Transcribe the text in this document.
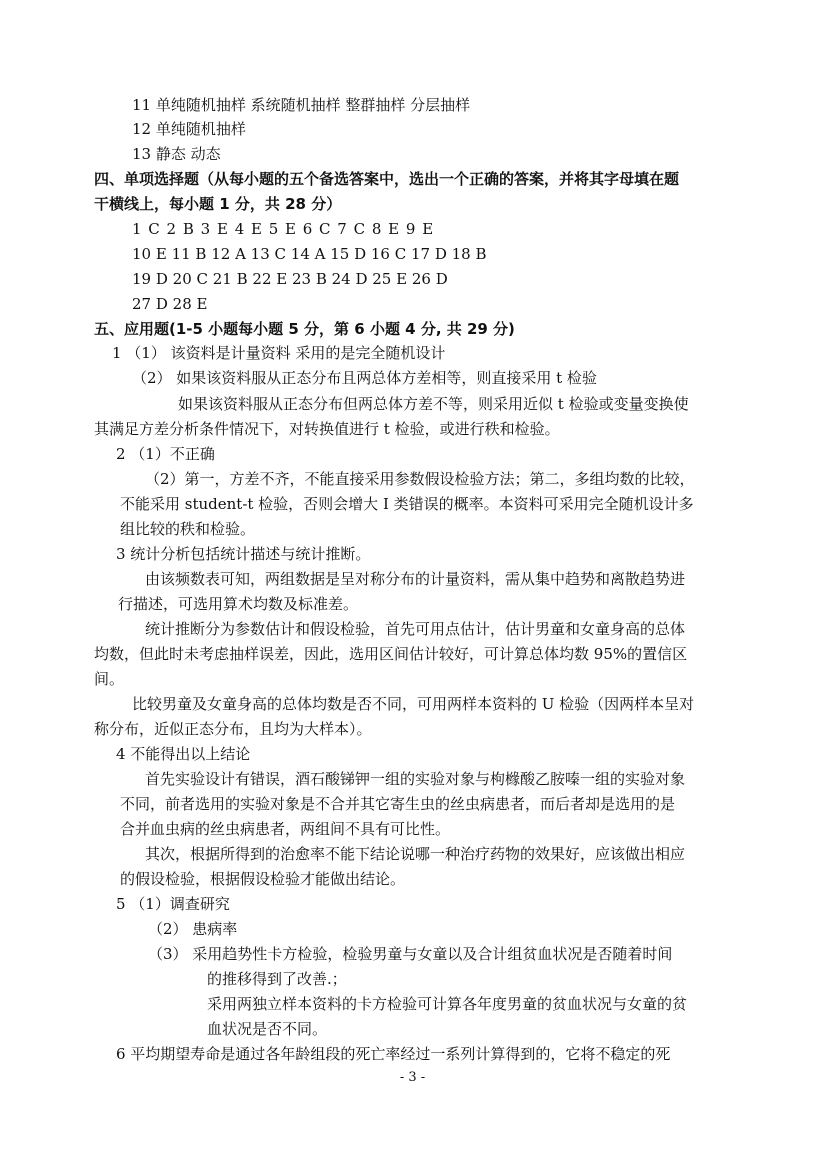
11 单纯随机抽样 系统随机抽样 整群抽样 分层抽样
12 单纯随机抽样
13 静态 动态
四、单项选择题（从每小题的五个备选答案中，选出一个正确的答案，并将其字母填在题
干横线上，每小题 1 分，共 28 分）
1 C 2 B 3 E 4 E 5 E 6 C 7 C 8 E 9 E
10 E 11 B 12 A 13 C 14 A 15 D 16 C 17 D 18 B
19 D 20 C 21 B 22 E 23 B 24 D 25 E 26 D
27 D 28 E
五、应用题(1-5 小题每小题 5 分，第 6 小题 4 分, 共 29 分)
1 （1） 该资料是计量资料 采用的是完全随机设计
（2） 如果该资料服从正态分布且两总体方差相等，则直接采用 t 检验
如果该资料服从正态分布但两总体方差不等，则采用近似 t 检验或变量变换使
其满足方差分析条件情况下，对转换值进行 t 检验，或进行秩和检验。
2 （1）不正确
（2）第一，方差不齐，不能直接采用参数假设检验方法；第二，多组均数的比较，
不能采用 student-t 检验，否则会增大 I 类错误的概率。本资料可采用完全随机设计多
组比较的秩和检验。
3 统计分析包括统计描述与统计推断。
由该频数表可知，两组数据是呈对称分布的计量资料，需从集中趋势和离散趋势进
行描述，可选用算术均数及标准差。
统计推断分为参数估计和假设检验，首先可用点估计，估计男童和女童身高的总体
均数，但此时未考虑抽样误差，因此，选用区间估计较好，可计算总体均数 95%的置信区
间。
比较男童及女童身高的总体均数是否不同，可用两样本资料的 U 检验（因两样本呈对
称分布，近似正态分布，且均为大样本）。
4 不能得出以上结论
首先实验设计有错误，酒石酸锑钾一组的实验对象与枸橼酸乙胺嗪一组的实验对象
不同，前者选用的实验对象是不合并其它寄生虫的丝虫病患者，而后者却是选用的是
合并血虫病的丝虫病患者，两组间不具有可比性。
其次，根据所得到的治愈率不能下结论说哪一种治疗药物的效果好，应该做出相应
的假设检验，根据假设检验才能做出结论。
5 （1）调查研究
（2） 患病率
（3） 采用趋势性卡方检验，检验男童与女童以及合计组贫血状况是否随着时间
的推移得到了改善.；
采用两独立样本资料的卡方检验可计算各年度男童的贫血状况与女童的贫
血状况是否不同。
6 平均期望寿命是通过各年龄组段的死亡率经过一系列计算得到的，它将不稳定的死
- 3 -
